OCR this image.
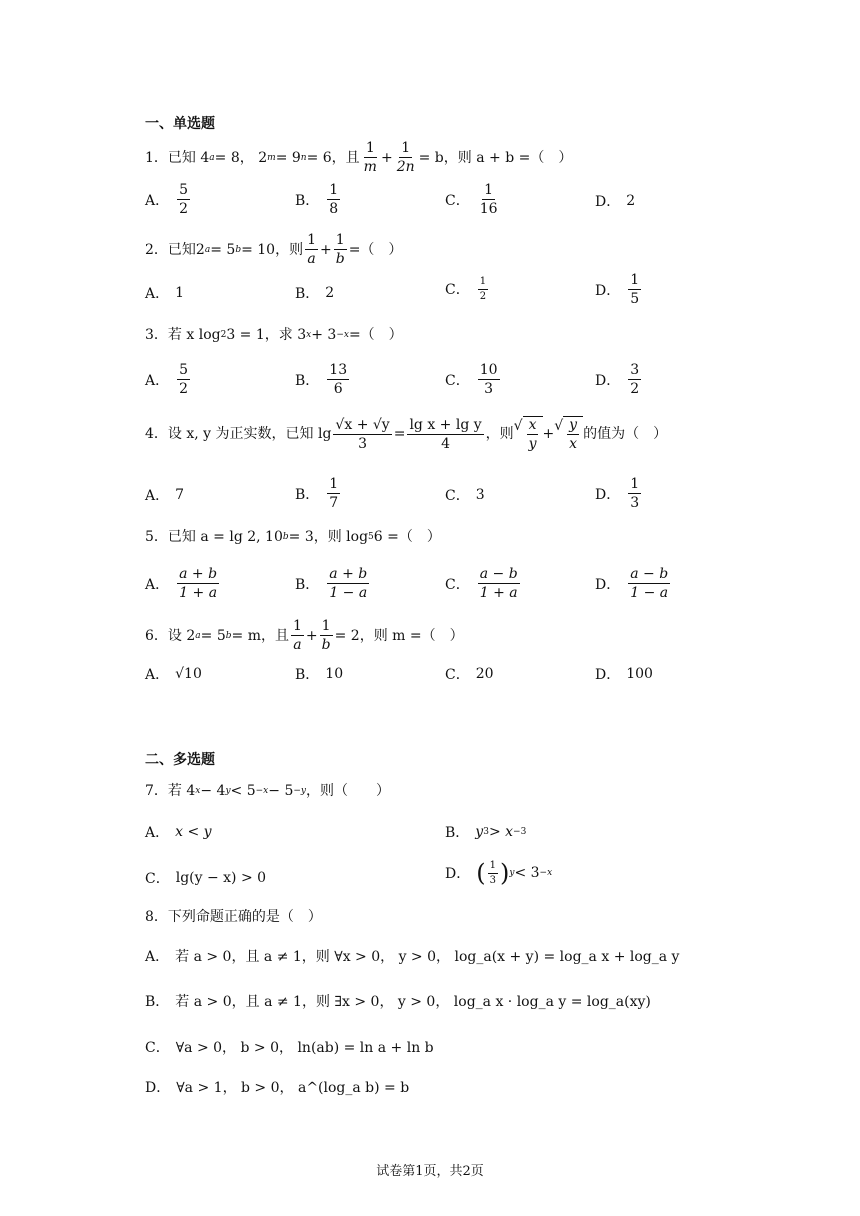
一、单选题
1． 已知
4 a = 8，
2 m = 9 n = 6，且 $\frac{1}{m} + \frac{1}{2n} = b$，则 a + b =（　）
A． $\frac{5}{2}$	B． $\frac{1}{8}$	C． $\frac{1}{16}$	D． 2
2． 已知 2 a = 5 b = 10，则 $\frac{1}{a} + \frac{1}{b}$ =（　）
A． 1	B． 2	C． $\frac{1}{2}$	D． $\frac{1}{5}$
3． 若 x log 2 3 = 1，求 3 x + 3 −x =（　）
A． $\frac{5}{2}$	B． $\frac{13}{6}$	C． $\frac{10}{3}$	D． $\frac{3}{2}$
4． 设 x, y 为正实数，已知 $\lg \frac{√x + √y}{3} = \frac{\text{lg x + lg y}}{4}$ ，则
√ $\frac{x}{y}$ +
√ $\frac{y}{x}$ 的值为（　）
A． 7	B． $\frac{1}{7}$	C． 3	D． $\frac{1}{3}$
5． 已知 a = lg 2, 10 b = 3，则 log 5 6 =（　）
A． $\frac{a + b}{1 + a}$	B． $\frac{a + b}{1 - a}$	C． $\frac{a - b}{1 + a}$	D． $\frac{a - b}{1 - a}$
6． 设 2 a = 5 b = m，且 $\frac{1}{a} + \frac{1}{b} = 2$，则 m =（　）
A． √10	B． 10	C． 20	D． 100
二、多选题
7． 若 4 x − 4 y < 5 −x − 5 −y ，则（　　）
A． x < y	B． y 3 > x −3
C． lg(y − x) > 0	D． ( $\frac{1}{3}$ ) y < 3 −x
8． 下列命题正确的是（　）
A． 若 a > 0，且 a ≠ 1，则 ∀x > 0， y > 0， log_a(x + y) = log_a x + log_a y
B． 若 a > 0，且 a ≠ 1，则 ∃x > 0， y > 0， log_a x · log_a y = log_a(xy)
C． ∀a > 0， b > 0， ln(ab) = ln a + ln b
D． ∀a > 1， b > 0， a^(log_a b) = b
试卷第1页，共2页
